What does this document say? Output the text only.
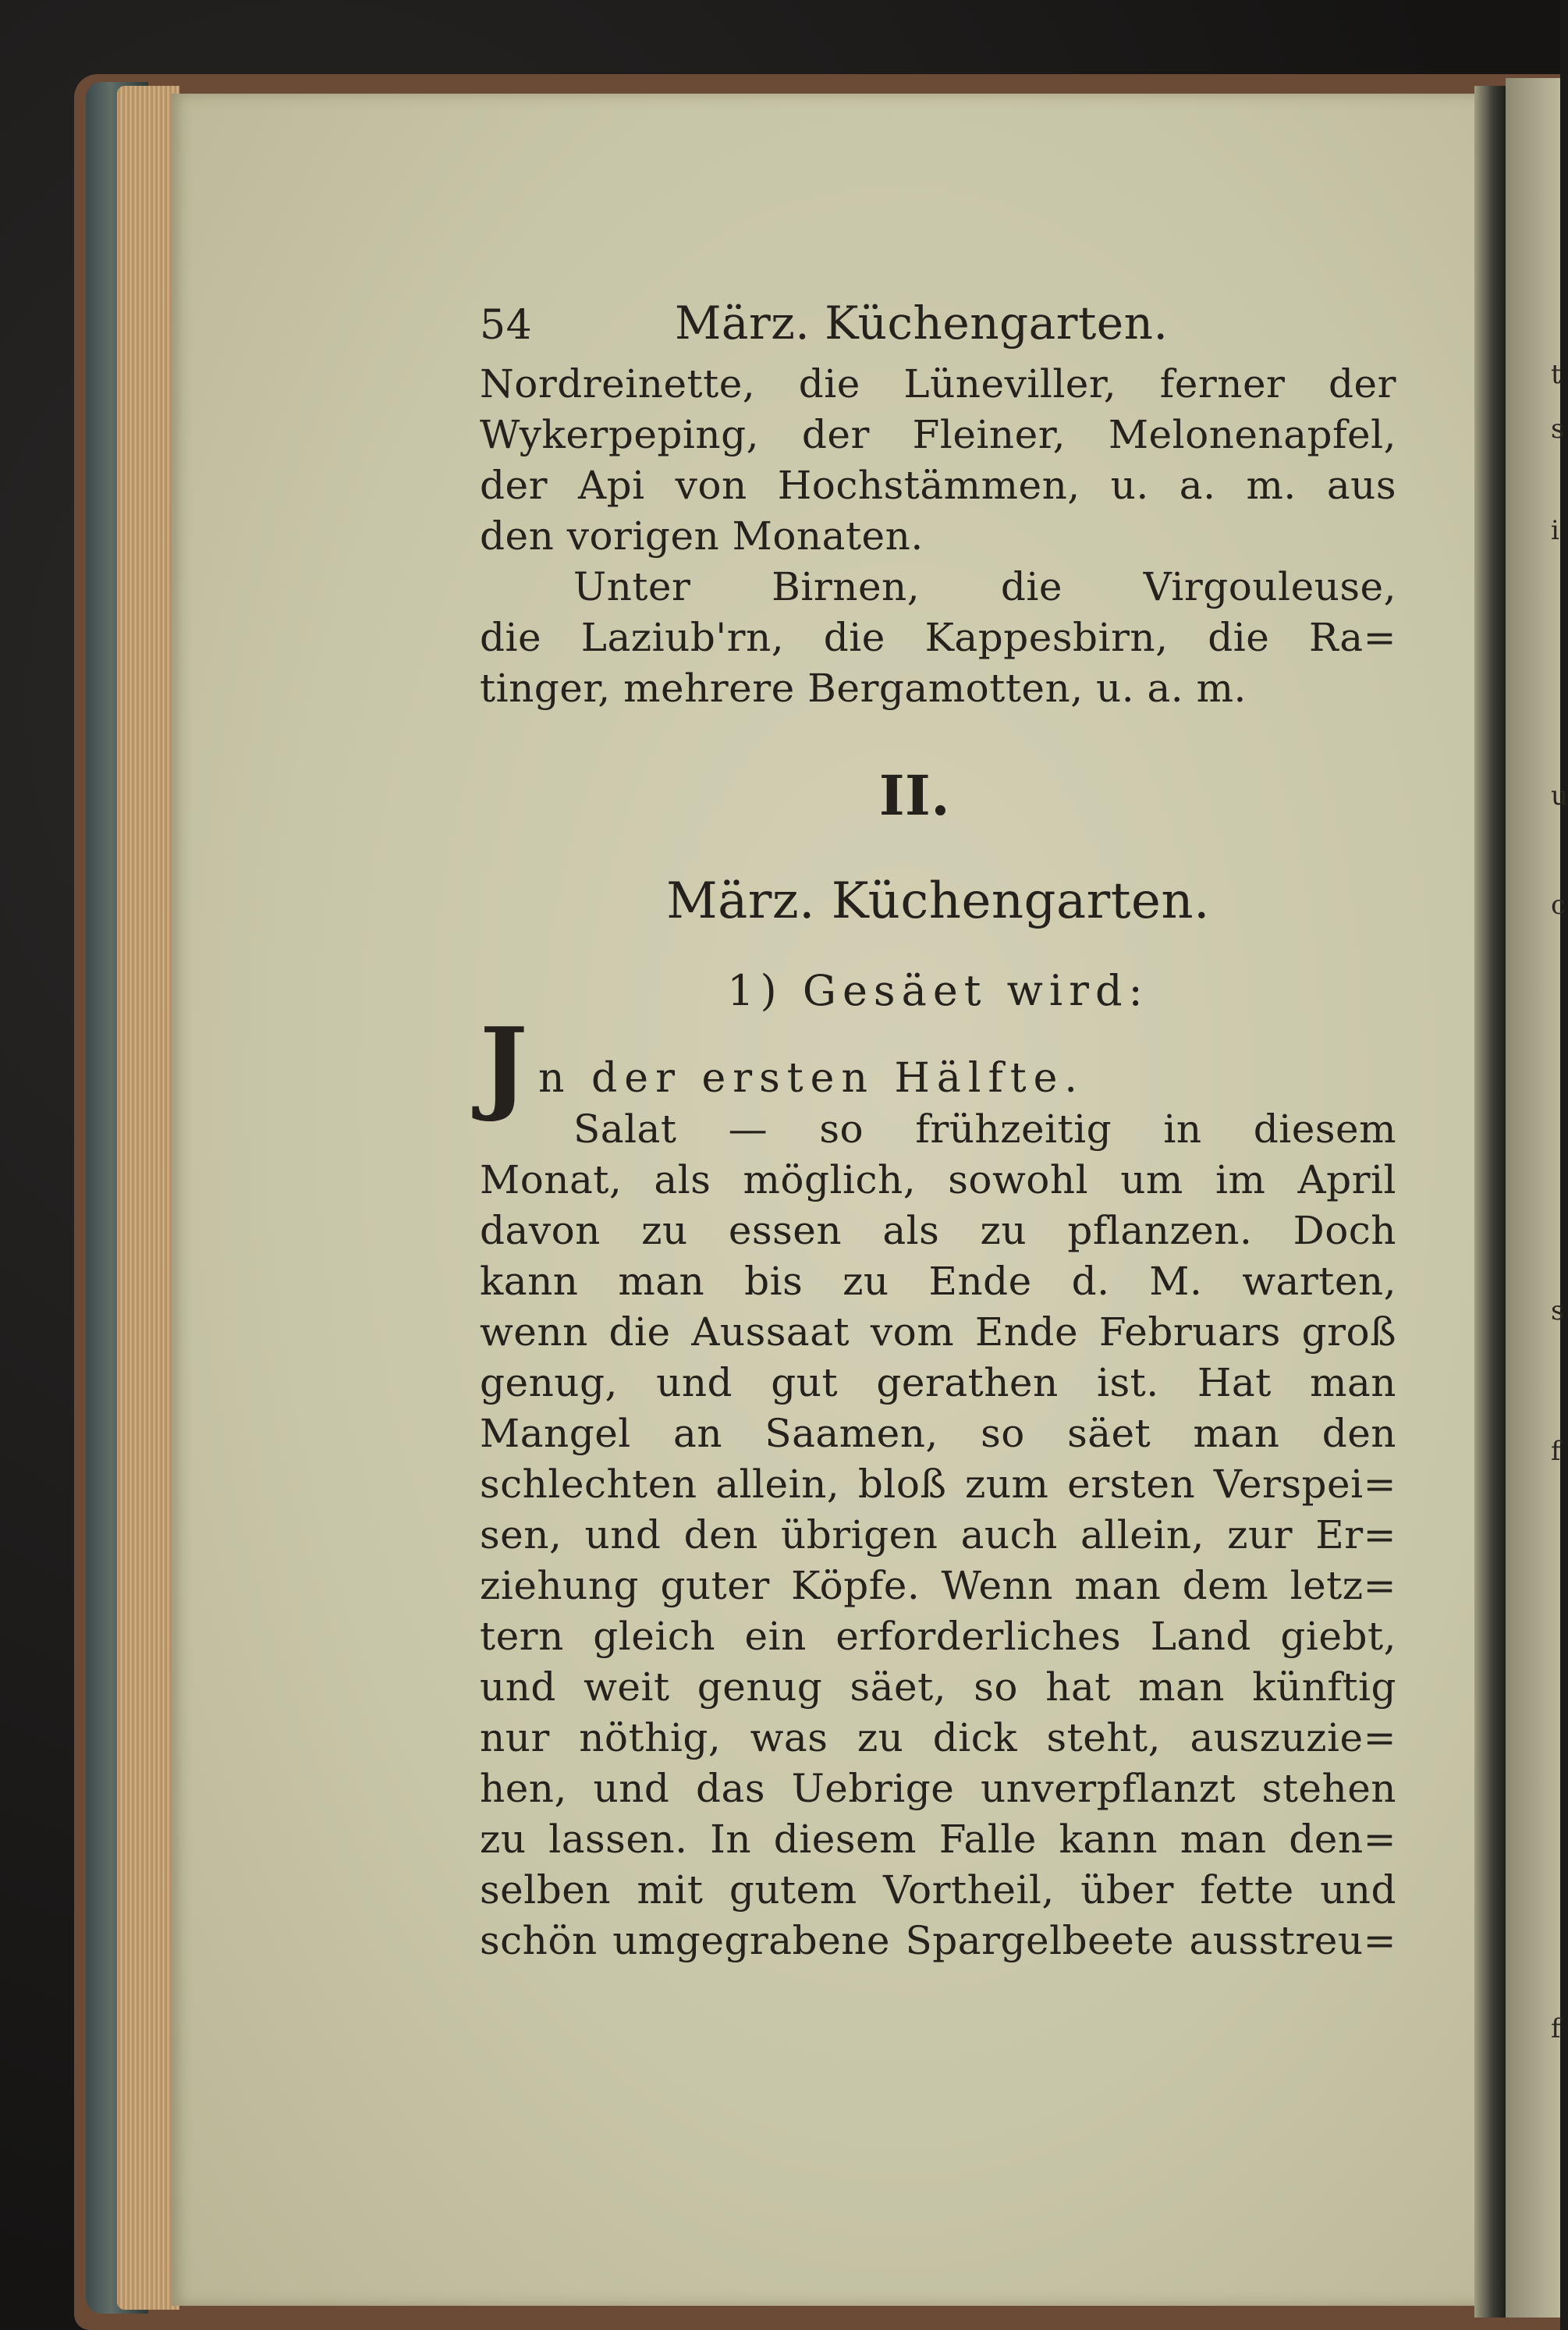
t
s
i
u
c
s
f
f
54	März. Küchengarten.
Nordreinette, die Lüneviller, ferner der
Wykerpeping, der Fleiner, Melonenapfel,
der Api von Hochstämmen, u. a. m. aus
den vorigen Monaten.
Unter Birnen, die Virgouleuse,
die Laziub'rn, die Kappesbirn, die Ra=
tinger, mehrere Bergamotten, u. a. m.
II.
März. Küchengarten.
1) Gesäet wird:
J n der ersten Hälfte.
Salat — so frühzeitig in diesem
Monat, als möglich, sowohl um im April
davon zu essen als zu pflanzen. Doch
kann man bis zu Ende d. M. warten,
wenn die Aussaat vom Ende Februars groß
genug, und gut gerathen ist. Hat man
Mangel an Saamen, so säet man den
schlechten allein, bloß zum ersten Verspei=
sen, und den übrigen auch allein, zur Er=
ziehung guter Köpfe. Wenn man dem letz=
tern gleich ein erforderliches Land giebt,
und weit genug säet, so hat man künftig
nur nöthig, was zu dick steht, auszuzie=
hen, und das Uebrige unverpflanzt stehen
zu lassen. In diesem Falle kann man den=
selben mit gutem Vortheil, über fette und
schön umgegrabene Spargelbeete ausstreu=
